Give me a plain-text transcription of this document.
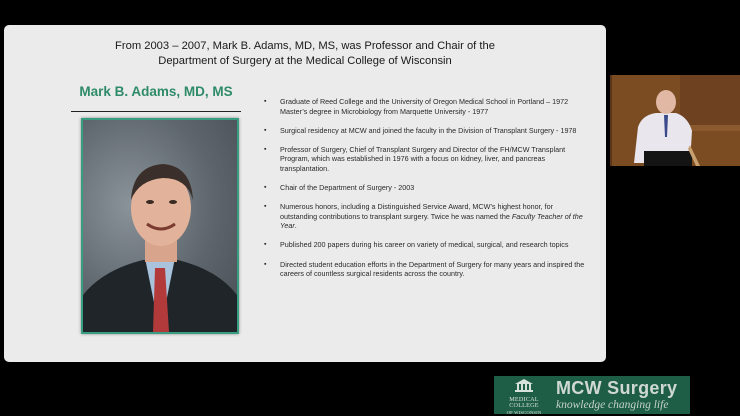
From 2003 – 2007, Mark B. Adams, MD, MS, was Professor and Chair of the
Department of Surgery at the Medical College of Wisconsin
Mark B. Adams, MD, MS
▪ Graduate of Reed College and the University of Oregon Medical School in Portland – 1972 Master’s degree in Microbiology from Marquette University - 1977
▪ Surgical residency at MCW and joined the faculty in the Division of Transplant Surgery - 1978
▪ Professor of Surgery, Chief of Transplant Surgery and Director of the FH/MCW Transplant Program, which was established in 1976 with a focus on kidney, liver, and pancreas transplantation.
▪ Chair of the Department of Surgery - 2003
▪ Numerous honors, including a Distinguished Service Award, MCW’s highest honor, for outstanding contributions to transplant surgery. Twice he was named the Faculty Teacher of the Year.
▪ Published 200 papers during his career on variety of medical, surgical, and research topics
▪ Directed student education efforts in the Department of Surgery for many years and inspired the careers of countless surgical residents across the country.
MEDICAL
COLLEGE
OF WISCONSIN
MCW Surgery
knowledge changing life
